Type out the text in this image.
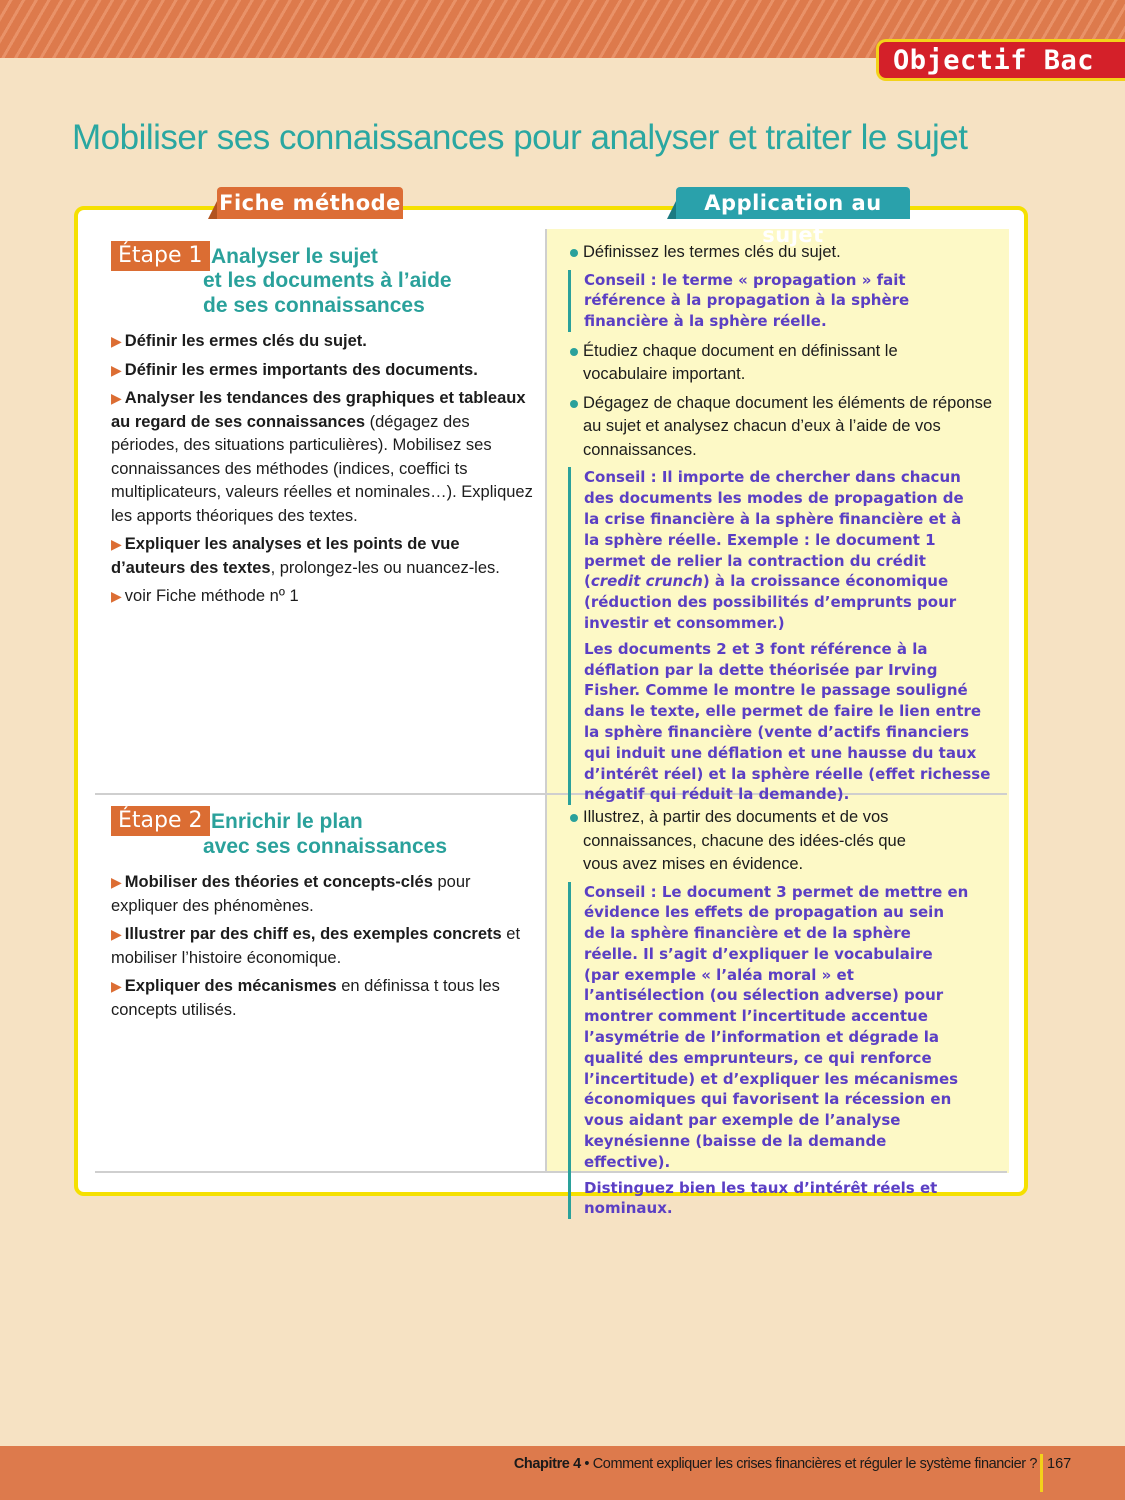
Objectif Bac
Mobiliser ses connaissances pour analyser et traiter le sujet
Fiche méthode	Application au sujet
Étape 1 Analyser le sujet
et les documents à l’aide
de ses connaissances

▶ Définir les ermes clés du sujet.

▶ Définir les ermes importants des documents.

▶ Analyser les tendances des graphiques et tableaux au regard de ses connaissances (dégagez des périodes, des situations particulières). Mobilisez ses connaissances des méthodes (indices, coeffici ts multiplicateurs, valeurs réelles et nominales…). Expliquez les apports théoriques des textes.

▶ Expliquer les analyses et les points de vue d’auteurs des textes, prolongez-les ou nuancez-les.

▶ voir Fiche méthode nº 1

Définissez les termes clés du sujet.

Conseil : le terme « propagation » fait référence à la propagation à la sphère financière à la sphère réelle.

Étudiez chaque document en définissant le vocabulaire important.

Dégagez de chaque document les éléments de réponse au sujet et analysez chacun d’eux à l’aide de vos connaissances.

Conseil : Il importe de chercher dans chacun des documents les modes de propagation de la crise financière à la sphère financière et à la sphère réelle. Exemple : le document 1 permet de relier la contraction du crédit (credit crunch) à la croissance économique (réduction des possibilités d’emprunts pour investir et consommer.)

Les documents 2 et 3 font référence à la déflation par la dette théorisée par Irving Fisher. Comme le montre le passage souligné dans le texte, elle permet de faire le lien entre la sphère financière (vente d’actifs financiers qui induit une déflation et une hausse du taux d’intérêt réel) et la sphère réelle (effet richesse négatif qui réduit la demande).

Étape 2 Enrichir le plan
avec ses connaissances

▶ Mobiliser des théories et concepts-clés pour expliquer des phénomènes.

▶ Illustrer par des chiff es, des exemples concrets et mobiliser l’histoire économique.

▶ Expliquer des mécanismes en définissa t tous les concepts utilisés.

Illustrez, à partir des documents et de vos connaissances, chacune des idées-clés que vous avez mises en évidence.

Conseil : Le document 3 permet de mettre en évidence les effets de propagation au sein de la sphère financière et de la sphère réelle. Il s’agit d’expliquer le vocabulaire (par exemple « l’aléa moral » et l’antisélection (ou sélection adverse) pour montrer comment l’incertitude accentue l’asymétrie de l’information et dégrade la qualité des emprunteurs, ce qui renforce l’incertitude) et d’expliquer les mécanismes économiques qui favorisent la récession en vous aidant par exemple de l’analyse keynésienne (baisse de la demande effective).

Distinguez bien les taux d’intérêt réels et nominaux.

Chapitre 4 • Comment expliquer les crises financières et réguler le système financier ? 167
